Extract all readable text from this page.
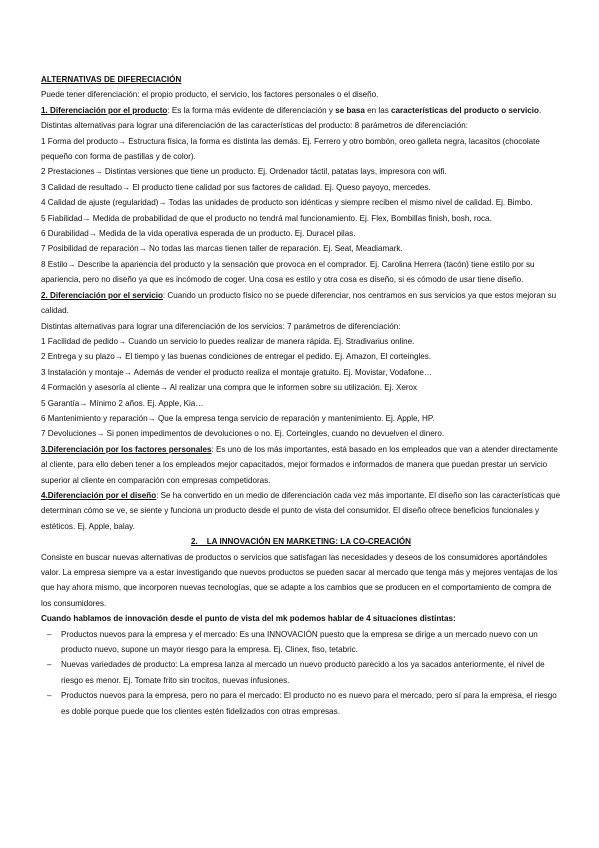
ALTERNATIVAS DE DIFERECIACIÓN

Puede tener diferenciación: el propio producto, el servicio, los factores personales o el diseño.

1. Diferenciación por el producto: Es la forma más evidente de diferenciación y se basa en las características del producto o servicio.

Distintas alternativas para lograr una diferenciación de las características del producto: 8 parámetros de diferenciación:

1 Forma del producto→ Estructura física, la forma es distinta las demás. Ej. Ferrero y otro bombón, oreo galleta negra, lacasitos (chocolate pequeño con forma de pastillas y de color).

2 Prestaciones→ Distintas versiones que tiene un producto. Ej. Ordenador táctil, patatas lays, impresora con wifi.

3 Calidad de resultado→ El producto tiene calidad por sus factores de calidad. Ej. Queso payoyo, mercedes.

4 Calidad de ajuste (regularidad)→ Todas las unidades de producto son idénticas y siempre reciben el mismo nivel de calidad. Ej. Bimbo.

5 Fiabilidad→ Medida de probabilidad de que el producto no tendrá mal funcionamiento. Ej. Flex, Bombillas finish, bosh, roca.

6 Durabilidad→ Medida de la vida operativa esperada de un producto. Ej. Duracel pilas.

7 Posibilidad de reparación→ No todas las marcas tienen taller de reparación. Ej. Seat, Meadiamark.

8 Estilo→ Describe la apariencia del producto y la sensación que provoca en el comprador. Ej. Carolina Herrera (tacón) tiene estilo por su apariencia, pero no diseño ya que es incómodo de coger. Una cosa es estilo y otra cosa es diseño, si es cómodo de usar tiene diseño.

2. Diferenciación por el servicio: Cuando un producto físico no se puede diferenciar, nos centramos en sus servicios ya que estos mejoran su calidad.

Distintas alternativas para lograr una diferenciación de los servicios: 7 parámetros de diferenciación:

1 Facilidad de pedido→ Cuando un servicio lo puedes realizar de manera rápida. Ej. Stradivarius online.

2 Entrega y su plazo→ El tiempo y las buenas condiciones de entregar el pedido. Ej. Amazon, El corteingles.

3 Instalación y montaje→ Además de vender el producto realiza el montaje gratuito. Ej. Movistar, Vodafone…

4 Formación y asesoría al cliente→ Al realizar una compra que le informen sobre su utilización. Ej. Xerox

5 Garantía→ Mínimo 2 años. Ej. Apple, Kia…

6 Mantenimiento y reparación→ Que la empresa tenga servicio de reparación y mantenimiento. Ej. Apple, HP.

7 Devoluciones→ Si ponen impedimentos de devoluciones o no. Ej. Corteingles, cuando no devuelven el dinero.

3.Diferenciación por los factores personales: Es uno de los más importantes, está basado en los empleados que van a atender directamente al cliente, para ello deben tener a los empleados mejor capacitados, mejor formados e informados de manera que puedan prestar un servicio superior al cliente en comparación con empresas competidoras.

4.Diferenciación por el diseño: Se ha convertido en un medio de diferenciación cada vez más importante. El diseño son las características que determinan cómo se ve, se siente y funciona un producto desde el punto de vista del consumidor. El diseño ofrece beneficios funcionales y estéticos. Ej. Apple, balay.

2.    LA INNOVACIÓN EN MARKETING: LA CO-CREACIÓN

Consiste en buscar nuevas alternativas de productos o servicios que satisfagan las necesidades y deseos de los consumidores aportándoles valor. La empresa siempre va a estar investigando que nuevos productos se pueden sacar al mercado que tenga más y mejores ventajas de los que hay ahora mismo, que incorporen nuevas tecnologías, que se adapte a los cambios que se producen en el comportamiento de compra de los consumidores.

Cuando hablamos de innovación desde el punto de vista del mk podemos hablar de 4 situaciones distintas:

– Productos nuevos para la empresa y el mercado: Es una INNOVACIÓN puesto que la empresa se dirige a un mercado nuevo con un producto nuevo, supone un mayor riesgo para la empresa. Ej. Clinex, fiso, tetabric.
– Nuevas variedades de producto: La empresa lanza al mercado un nuevo producto parecido a los ya sacados anteriormente, el nivel de riesgo es menor. Ej. Tomate frito sin trocitos, nuevas infusiones.
– Productos nuevos para la empresa, pero no para el mercado: El producto no es nuevo para el mercado, pero sí para la empresa, el riesgo es doble porque puede que los clientes estén fidelizados con otras empresas.
